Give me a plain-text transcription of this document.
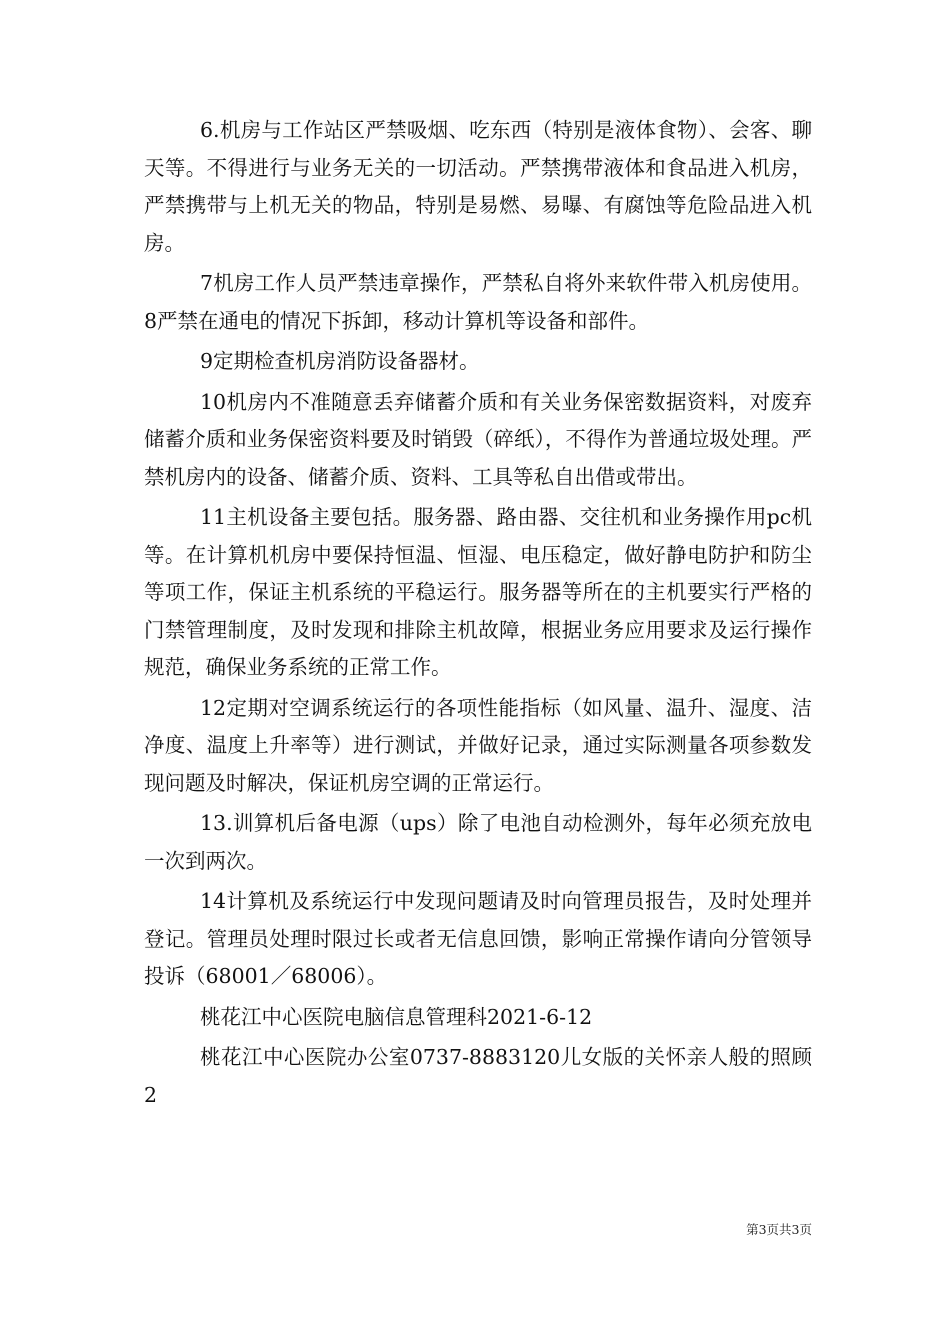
6.机房与工作站区严禁吸烟、吃东西（特别是液体食物）、会客、聊天等。不得进行与业务无关的一切活动。严禁携带液体和食品进入机房，严禁携带与上机无关的物品，特别是易燃、易曝、有腐蚀等危险品进入机房。

7机房工作人员严禁违章操作，严禁私自将外来软件带入机房使用。8严禁在通电的情况下拆卸，移动计算机等设备和部件。

9定期检查机房消防设备器材。

10机房内不准随意丢弃储蓄介质和有关业务保密数据资料，对废弃储蓄介质和业务保密资料要及时销毁（碎纸），不得作为普通垃圾处理。严禁机房内的设备、储蓄介质、资料、工具等私自出借或带出。

11主机设备主要包括。服务器、路由器、交往机和业务操作用pc机等。在计算机机房中要保持恒温、恒湿、电压稳定，做好静电防护和防尘等项工作，保证主机系统的平稳运行。服务器等所在的主机要实行严格的门禁管理制度，及时发现和排除主机故障，根据业务应用要求及运行操作规范，确保业务系统的正常工作。

12定期对空调系统运行的各项性能指标（如风量、温升、湿度、洁净度、温度上升率等）进行测试，并做好记录，通过实际测量各项参数发现问题及时解决，保证机房空调的正常运行。

13.训算机后备电源（ups）除了电池自动检测外，每年必须充放电一次到两次。

14计算机及系统运行中发现问题请及时向管理员报告，及时处理并登记。管理员处理时限过长或者无信息回馈，影响正常操作请向分管领导投诉（68001／68006）。

桃花江中心医院电脑信息管理科2021-6-12

桃花江中心医院办公室0737-8883120儿女版的关怀亲人般的照顾2

第3页共3页
